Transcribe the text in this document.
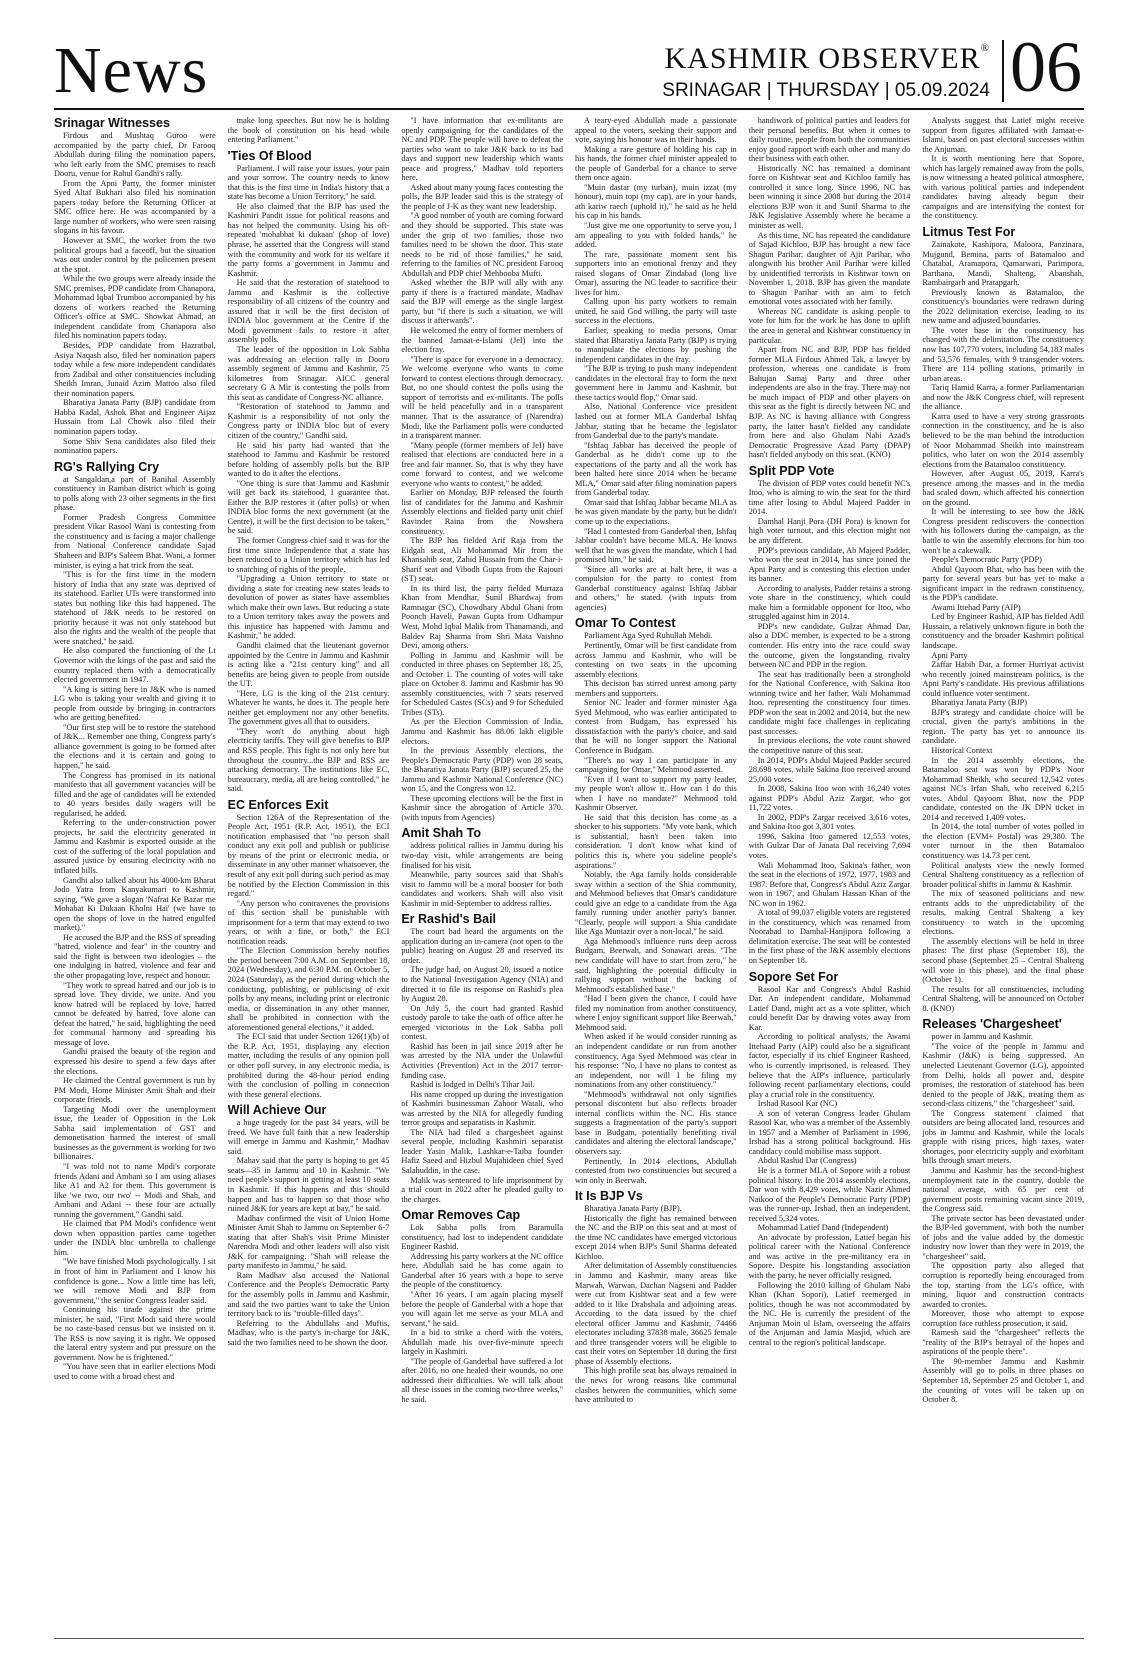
News	KASHMIR OBSERVER®
SRINAGAR | THURSDAY | 05.09.2024 06
Srinagar Witnesses

Firdous and Mushtaq Guroo were accompanied by the party chief, Dr Farooq Abdullah during filing the nomination papers, who left early from the SMC premises to reach Dooru, venue for Rahul Gandhi's rally.

From the Apni Party, the former minister Syed Altaf Bukhari also filed his nomination papers today before the Returning Officer at SMC office here. He was accompanied by a large number of workers, who were seen raising slogans in his favour.

However at SMC, the worker from the two political groups had a faceoff, but the situation was out under control by the policemen present at the spot.

While the two groups were already inside the SMC premises, PDP candidate from Chanapora, Mohammad Iqbal Trumboo accompanied by his dozens of workers reached the Returning Officer's office at SMC. Showkat Ahmad, an independent candidate from Chanapora also filed his nomination papers today.

Besides, PDP candidate from Hazratbal, Asiya Naqash also, filed her nomination papers today while a few more independent candidates from Zadibal and other constituencies including Sheikh Imran, Junaid Azim Mattoo also filed their nomination papers.

Bharatiya Janata Party (BJP) candidate from Habba Kadal, Ashok Bhat and Engineer Aijaz Hussain from Lal Chowk also filed their nomination papers today.

Some Shiv Sena candidates also filed their nomination papers.

RG's Rallying Cry

at Sangaldan,a part of Banihal Assembly constituency in Ramban district which is going to polls along with 23 other segments in the first phase.

Former Pradesh Congress Committee president Vikar Rasool Wani is contesting from the constituency and is facing a major challenge from National Conference candidate Sajad Shaheen and BJP's Saleem Bhat. Wani, a former minister, is eying a hat trick from the seat.

"This is for the first time in the modern history of India that any state was deprived of its statehood. Earlier UTs were transformed into states but nothing like this had happened. The statehood of J&K needs to be restored on priority because it was not only statehood but also the rights and the wealth of the people that were snatched," he said.

He also compared the functioning of the Lt Governor with the kings of the past and said the country replaced them with a democratically elected government in 1947.

"A king is sitting here in J&K who is named LG who is taking your wealth and giving it to people from outside by bringing in contractors who are getting benefited.

"Our first step will be to restore the statehood of J&K... Remember one thing, Congress party's alliance government is going to be formed after the elections and it is certain and going to happen," he said.

The Congress has promised in its national manifesto that all government vacancies will be filled and the age of candidates will be extended to 40 years besides daily wagers will be regularised, he added.

Referring to the under-construction power projects, he said the electricity generated in Jammu and Kashmir is exported outside at the cost of the suffering of the local population and assured justice by ensuring electricity with no inflated bills.

Gandhi also talked about his 4000-km Bharat Jodo Yatra from Kanyakumari to Kashmir, saying, "We gave a slogan 'Nafrat Ke Bazar me Mohabat Ki Dukaan Kholni Hai' (we have to open the shops of love in the hatred engulfed market)."

He accused the BJP and the RSS of spreading "hatred, violence and fear" in the country and said the fight is between two ideologies – the one indulging in hatred, violence and fear and the other propagating love, respect and honour.

"They work to spread hatred and our job is to spread love. They divide, we unite. And you know hatred will be replaced by love, hatred cannot be defeated by hatred, love alone can defeat the hatred," he said, highlighting the need for communal harmony and spreading his message of love.

Gandhi praised the beauty of the region and expressed his desire to spend a few days after the elections.

He claimed the Central government is run by PM Modi, Home Minister Amit Shah and their corporate friends.

Targeting Modi over the unemployment issue, the Leader of Opposition in the Lok Sabha said implementation of GST and demonetisation harmed the interest of small businesses as the government is working for two billionaires.

"I was told not to name Modi's corporate friends Adani and Ambani so I am using aliases like A1 and A2 for them. This government is like 'we two, our two' -- Modi and Shah, and Ambani and Adani -- these four are actually running the government," Gandhi said.

He claimed that PM Modi's confidence went down when opposition parties came together under the INDIA bloc umbrella to challenge him.

"We have finished Modi psychologically. I sit in front of him in Parliament and I know his confidence is gone... Now a little time has left, we will remove Modi and BJP from government," the senior Congress leader said.

Continuing his tirade against the prime minister, he said, "First Modi said there would be no caste-based census but we insisted on it. The RSS is now saying it is right. We opposed the lateral entry system and put pressure on the government. Now he is frightened."

"You have seen that in earlier elections Modi used to come with a broad chest and

make long speeches. But now he is holding the book of constitution on his head while entering Parliament."

'Ties Of Blood

Parliament. I will raise your issues, your pain and your sorrow. The country needs to know that this is the first time in India's history that a state has become a Union Territory," he said.

He also claimed that the BJP has used the Kashmiri Pandit issue for political reasons and has not helped the community. Using his oft-repeated 'mohabbat ki dukaan' (shop of love) phrase, he asserted that the Congress will stand with the community and work for its welfare if the party forms a government in Jammu and Kashmir.

He said that the restoration of statehood to Jammu and Kashmir is the collective responsibility of all citizens of the country and assured that it will be the first decision of INDIA bloc government at the Centre if the Modi government fails to restore it after assembly polls.

The leader of the opposition in Lok Sabha was addressing an election rally in Dooru assembly segment of Jammu and Kashmir, 75 kilometres from Srinagar. AICC general secretary G A Mir is contesting the polls from this seat as candidate of Congress-NC alliance.

"Restoration of statehood to Jammu and Kashmir is a responsibility of not only the Congress party or INDIA bloc but of every citizen of the country," Gandhi said.

He said his party had wanted that the statehood to Jammu and Kashmir be restored before holding of assembly polls but the BJP wanted to do it after the elections.

"One thing is sure that Jammu and Kashmir will get back its statehood, I guarantee that. Either the BJP restores it (after polls) or when INDIA bloc forms the next government (at the Centre), it will be the first decision to be taken," he said.

The former Congress chief said it was for the first time since Independence that a state has been reduced to a Union territory which has led to snatching of rights of the people.

"Upgrading a Union territory to state or dividing a state for creating new states leads to devolution of power as states have assemblies which make their own laws. But reducing a state to a Union territory takes away the powers and this injustice has happened with Jammu and Kashmir," he added.

Gandhi claimed that the lieutenant governor appointed by the Centre in Jammu and Kashmir is acting like a "21st century king" and all benefits are being given to people from outside the UT.

"Here, LG is the king of the 21st century. Whatever he wants, he does it. The people here neither get employment nor any other benefits. The government gives all that to outsiders.

"They won't do anything about high electricity tariffs. They will give benefits to BJP and RSS people. This fight is not only here but throughout the country...the BJP and RSS are attacking democracy. The institutions like EC, bureaucracy, media, all are being controlled," he said.

EC Enforces Exit

Section 126A of the Representation of the People Act, 1951 (R.P. Act, 1951), the ECI notification emphasised that "no person shall conduct any exit poll and publish or publicise by means of the print or electronic media, or disseminate in any other manner whatsoever, the result of any exit poll during such period as may be notified by the Election Commission in this regard."

"Any person who contravenes the provisions of this section shall be punishable with imprisonment for a term that may extend to two years, or with a fine, or both," the ECI notification reads.

"The Election Commission hereby notifies the period between 7:00 A.M. on September 18, 2024 (Wednesday), and 6:30 P.M. on October 5, 2024 (Saturday), as the period during which the conducting, publishing, or publicising of exit polls by any means, including print or electronic media, or dissemination in any other manner, shall be prohibited in connection with the aforementioned general elections," it added.

The ECI said that under Section 126(1)(b) of the R.P. Act, 1951, displaying any election matter, including the results of any opinion poll or other poll survey, in any electronic media, is prohibited during the 48-hour period ending with the conclusion of polling in connection with these general elections.

Will Achieve Our

a huge tragedy for the past 34 years, will be freed. We have full faith that a new leadership will emerge in Jammu and Kashmir," Madhav said.

Mahav said that the party is hoping to get 45 seats—35 in Jammu and 10 in Kashmir. "We need people's support in getting at least 10 seats in Kashmir. If this happens and this should happen and has to happen so that those who ruined J&K for years are kept at bay," he said.

Madhav confirmed the visit of Union Home Minister Amit Shah to Jammu on September 6-7 stating that after Shah's visit Prime Minister Narendra Modi and other leaders will also visit J&K for campaigning. "Shah will release the party manifesto in Jammu," he said.

Ram Madhav also accused the National Conference and the People's Democratic Party for the assembly polls in Jammu and Kashmir, and said the two parties want to take the Union territory back to its "trouble-filled days".

Referring to the Abdullahs and Muftis, Madhav, who is the party's in-charge for J&K, said the two families need to be shown the door.

"I have information that ex-militants are openly campaigning for the candidates of the NC and PDP. The people will have to defeat the parties who want to take J&K back to its bad days and support new leadership which wants peace and progress," Madhav told reporters here.

Asked about many young faces contesting the polls, the BJP leader said this is the strategy of the people of J-K as they want new leadership.

"A good number of youth are coming forward and they should be supported. This state was under the grip of two families, those two families need to be shown the door. This state needs to be rid of those families," he said, referring to the families of NC president Farooq Abdullah and PDP chief Mehbooba Mufti.

Asked whether the BJP will ally with any party if there is a fractured mandate, Madhav said the BJP will emerge as the single largest party, but "if there is such a situation, we will discuss it afterwards".

He welcomed the entry of former members of the banned Jamaat-e-Islami (JeI) into the election fray.

"There is space for everyone in a democracy. We welcome everyone who wants to come forward to contest elections through democracy. But, no one should contest the polls using the support of terrorists and ex-militants. The polls will be held peacefully and in a transparent manner. That is the assurance of (Narendra) Modi, like the Parliament polls were conducted in a transparent manner.

"Many people (former members of JeI) have realised that elections are conducted here in a free and fair manner. So, that is why they have come forward to contest, and we welcome everyone who wants to contest," he added.

Earlier on Monday, BJP released the fourth list of candidates for the Jammu and Kashmir Assembly elections and fielded party unit chief Ravinder Raina from the Nowshera constituency.

The BJP has fielded Arif Raja from the Eidgah seat, Ali Mohammad Mir from the Khansahib seat, Zahid Hussain from the Char-i-Sharif seat and Vibodh Gupta from the Rajouri (ST) seat.

In its third list, the party fielded Murtaza Khan from Mendhar, Sunil Bhardwaj from Ramnagar (SC), Chowdhary Abdul Ghani from Poonch Haveli, Pawan Gupta from Udhampur West, Mohd Iqbal Malik from Thanamandi, and Baldev Raj Sharma from Shri Mata Vaishno Devi, among others.

Polling in Jammu and Kashmir will be conducted in three phases on September 18, 25, and October 1. The counting of votes will take place on October 8. Jammu and Kashmir has 90 assembly constituencies, with 7 seats reserved for Scheduled Castes (SCs) and 9 for Scheduled Tribes (STs).

As per the Election Commission of India, Jammu and Kashmir has 88.06 lakh eligible electors.

In the previous Assembly elections, the People's Democratic Party (PDP) won 28 seats, the Bharatiya Janata Party (BJP) secured 25, the Jammu and Kashmir National Conference (NC) won 15, and the Congress won 12.

These upcoming elections will be the first in Kashmir since the abrogation of Article 370. (with inputs from Agencies)

Amit Shah To

address political rallies in Jammu during his two-day visit, while arrangements are being finalised for his visit.

Meanwhile, party sources said that Shah's visit to Jammu will be a moral booster for both candidates and workers. Shah will also visit Kashmir in mid-September to address rallies.

Er Rashid's Bail

The court had heard the arguments on the application during an in-camera (not open to the public) hearing on August 28 and reserved its order.

The judge had, on August 20, issued a notice to the National Investigation Agency (NIA) and directed it to file its response on Rashid's plea by August 28.

On July 5, the court had granted Rashid custody parole to take the oath of office after he emerged victorious in the Lok Sabha poll contest.

Rashid has been in jail since 2019 after he was arrested by the NIA under the Unlawful Activities (Prevention) Act in the 2017 terror-funding case.

Rashid is lodged in Delhi's Tihar Jail.

His name cropped up during the investigation of Kashmiri businessman Zahoor Watali, who was arrested by the NIA for allegedly funding terror groups and separatists in Kashmir.

The NIA had filed a chargesheet against several people, including Kashmiri separatist leader Yasin Malik, Lashkar-e-Taiba founder Hafiz Saeed and Hizbul Mujahideen chief Syed Salahuddin, in the case.

Malik was sentenced to life imprisonment by a trial court in 2022 after he pleaded guilty to the charges.

Omar Removes Cap

Lok Sabha polls from Baramulla constituency, had lost to independent candidate Engineer Rashid.

Addressing his party workers at the NC office here, Abdullah said he has come again to Ganderbal after 16 years with a hope to serve the people of the constituency.

"After 16 years, I am again placing myself before the people of Ganderbal with a hope that you will again let me serve as your MLA and servant," he said.

In a bid to strike a chord with the voters, Abdullah made his over-five-minute speech largely in Kashmiri.

"The people of Ganderbal have suffered a lot after 2016, no one healed their wounds, no one addressed their difficulties. We will talk about all these issues in the coming two-three weeks," he said.

A teary-eyed Abdullah made a passionate appeal to the voters, seeking their support and vote, saying his honour was in their hands.

Making a rare gesture of holding his cap in his hands, the former chief minister appealed to the people of Ganderbal for a chance to serve them once again.

"Muin dastar (my turban), muin izzat (my honour), muin topi (my cap), are in your hands, ath kariw raech (uphold it)," he said as he held his cap in his hands.

"Just give me one opportunity to serve you, I am appealing to you with folded hands," he added.

The rare, passionate moment sent his supporters into an emotional frenzy and they raised slogans of Omar Zindabad (long live Omar), assuring the NC leader to sacrifice their lives for him.

Calling upon his party workers to remain united, he said God willing, the party will taste success in the elections.

Earlier, speaking to media persons, Omar stated that Bharatiya Janata Party (BJP) is trying to manipulate the elections by pushing the independent candidates in the fray.

"The BJP is trying to push many independent candidates in the electoral fray to form the next government here in Jammu and Kashmir, but these tactics would flop," Omar said.

Also, National Conference vice president lashed out at former MLA Ganderbal Ishfaq Jabbar, stating that he became the legislator from Ganderbal due to the party's mandate.

"Ishfaq Jabbar has deceived the people of Ganderbal as he didn't come up to the expectations of the party and all the work has been halted here since 2014 when he became MLA," Omar said after filing nomination papers from Ganderbal today.

Omar said that Ishfaq Jabbar became MLA as he was given mandate by the party, but he didn't come up to the expectations.

"Had I contested from Ganderbal then, Ishfaq Jabbar couldn't have become MLA. He knows well that he was given the mandate, which I had promised him," he said.

"Since all works are at halt here, it was a compulsion for the party to contest from Ganderbal constituency against Ishfaq Jabbar and others," he stated. (with inputs from agencies)

Omar To Contest

Parliament Aga Syed Ruhullah Mehdi.

Pertinently, Omar will be first candidate from across Jammu and Kashmir, who will be contesting on two seats in the upcoming assembly elections

This decision has stirred unrest among party members and supporters.

Senior NC leader and former minister Aga Syed Mehmood, who was earlier anticipated to contest from Budgam, has expressed his dissatisfaction with the party's choice, and said that he will no longer support the National Conference in Budgam.

"There's no way I can participate in any campaigning for Omar," Mehmood asserted.

"Even if I want to support my party leader, my people won't allow it. How can I do this when I have no mandate?" Mehmood told Kashmir Observer.

He said that this decision has come as a shocker to his supporters. "My vote bank, which is substantial, hasn't been taken into consideration. 'I don't know what kind of politics this is, where you sideline people's aspirations."

Notably, the Aga family holds considerable sway within a section of the Shia community, and Mehmood believes that Omar's candidature could give an edge to a candidate from the Aga family running under another party's banner. "Clearly, people will support a Shia candidate like Aga Muntazir over a non-local," he said.

Aga Mehmood's influence runs deep across Budgam, Beerwah, and Sonawari areas. "The new candidate will have to start from zero," he said, highlighting the potential difficulty in rallying support without the backing of Mehmood's established base."

"Had I been given the chance, I could have filed my nomination from another constituency, where I enjoy significant support like Beerwah," Mehmood said.

When asked if he would consider running as an independent candidate or run from another constituency, Aga Syed Mehmood was clear in his response: "No, I have no plans to contest as an independent, nor will I be filing my nominations from any other constituency."

"Mehmood's withdrawal not only signifies personal discontent but also reflects broader internal conflicts within the NC. His stance suggests a fragmentation of the party's support base in Budgam, potentially benefiting rival candidates and altering the electoral landscape," observers say.

Pertinently, In 2014 elections, Abdullah contested from two constituencies but secured a win only in Beerwah.

It Is BJP Vs

Bharatiya Janata Party (BJP).

Historically the fight has remained between the NC and the BJP on this seat and at most of the time NC candidates have emerged victorious except 2014 when BJP's Sunil Sharma defeated Kichloo.

After delimitation of Assembly constituencies in Jammu and Kashmir, many areas like Marwah, Warwan, Dachan Nagseni and Padder were cut from Kishtwar seat and a few were added to it like Drabshala and adjoining areas. According to the data issued by the chief electoral officer Jammu and Kashmir, 74466 electorates including 37838 male, 36625 female and three transgender voters will be eligible to cast their votes on September 18 during the first phase of Assembly elections.

This high profile seat has always remained in the news for wrong reasons like communal clashes between the communities, which some have attributed to

handiwork of political parties and leaders for their personal benefits. But when it comes to daily routine, people from both the communities enjoy good rapport with each other and many do their business with each other.

Historically NC has remained a dominant force on Kishtwar seat and Kichloo family has controlled it since long. Since 1996, NC has been winning it since 2008 but during the 2014 elections BJP won it and Sunil Sharma to the J&K legislative Assembly where he became a minister as well.

As this time, NC has repeated the candidature of Sajad Kichloo, BJP has brought a new face Shagun Parihar, daughter of Ajit Parihar, who alongwith his brother Anil Parihar were killed by unidentified terrorists in Kishtwar town on November 1, 2018. BJP has given the mandate to Shagun Parihar with an aim to fetch emotional votes associated with her family.

Whereas NC candidate is asking people to vote for him for the work he has done to uplift the area in general and Kishtwar constituency in particular.

Apart from NC and BJP, PDP has fielded former MLA Firdous Ahmed Tak, a lawyer by profession, whereas one candidate is from Bahujan Samaj Party and three other independents are also in the fray. There may not be much impact of PDP and other players on this seat as the fight is directly between NC and BJP. As NC is having alliance with Congress party, the latter hasn't fielded any candidate from here and also Ghulam Nabi Azad's Democratic Progressive Azad Party (DPAP) hasn't fielded anybody on this seat. (KNO)

Split PDP Vote

The division of PDP votes could benefit NC's Itoo, who is aiming to win the seat for the third time after losing to Abdul Majeed Padder in 2014.

Damhal Hanji Pora (DH Pora) is known for high voter turnout, and this election might not be any different.

PDP's previous candidate, Ab Majeed Padder, who won the seat in 2014, has since joined the Apni Party and is contesting this election under its banner.

According to analysts, Padder retains a strong vote share in the constituency, which could make him a formidable opponent for Itoo, who struggled against him in 2014.

PDP's new candidate, Gulzar Ahmad Dar, also a DDC member, is expected to be a strong contender. His entry into the race could sway the outcome, given the longstanding rivalry between NC and PDP in the region.

The seat has traditionally been a stronghold for the National Conference, with Sakina Itoo winning twice and her father, Wali Mohammad Itoo, representing the constituency four times. PDP won the seat in 2002 and 2014, but the new candidate might face challenges in replicating past successes.

In previous elections, the vote count showed the competitive nature of this seat.

In 2014, PDP's Abdul Majeed Padder secured 28,698 votes, while Sakina Itoo received around 25,000 votes.

In 2008, Sakina Itoo won with 16,240 votes against PDP's Abdul Aziz Zargar, who got 11,722 votes.

In 2002, PDP's Zargar received 3,616 votes, and Sakina Itoo got 3,301 votes.

1996, Sakina Itoo garnered 12,553 votes, with Gulzar Dar of Janata Dal receiving 7,694 votes.

Wali Mohammad Itoo, Sakina's father, won the seat in the elections of 1972, 1977, 1983 and 1987. Before that, Congress's Abdul Aziz Zargar won in 1967, and Ghulam Hassan Khan of the NC won in 1962.

A total of 99,037 eligible voters are registered in the constituency, which was renamed from Noorabad to Damhal-Hanjipora following a delimitation exercise. The seat will be contested in the first phase of the J&K assembly elections on September 18.

Sopore Set For

Rasool Kar and Congress's Abdul Rashid Dar. An independent candidate, Mohammad Latief Dand, might act as a vote splitter, which could benefit Dar by drawing votes away from Kar.

According to political analysts, the Awami Ittehaad Party (AIP) could also be a significant factor, especially if its chief Engineer Rasheed, who is currently imprisoned, is released. They believe that the AIP's influence, particularly following recent parliamentary elections, could play a crucial role in the constituency.

Irshad Rasool Kar (NC)

A son of veteran Congress leader Ghulam Rasool Kar, who was a member of the Assembly in 1957 and a Member of Parliament in 1996, Irshad has a strong political background. His candidacy could mobilise mass support.

Abdul Rashid Dar (Congress)

He is a former MLA of Sopore with a robust political history. In the 2014 assembly elections, Dar won with 8,429 votes, while Nazir Ahmed Naikoo of the People's Democratic Party (PDP) was the runner-up. Irshad, then an independent, received 5,324 votes.

Mohammad Latief Dand (Independent)

An advocate by profession, Latief began his political career with the National Conference and was active in the pre-militancy era in Sopore. Despite his longstanding association with the party, he never officially resigned.

Following the 2010 killing of Ghulam Nabi Khan (Khan Sopori), Latief reemerged in politics, though he was not accommodated by the NC. He is currently the president of the Anjuman Moin ul Islam, overseeing the affairs of the Anjuman and Jamia Masjid, which are central to the region's political landscape.

Analysts suggest that Latief might receive support from figures affiliated with Jamaat-e-Islami, based on past electoral successes within the Anjuman.

It is worth mentioning here that Sopore, which has largely remained away from the polls, is now witnessing a heated political atmosphere, with various political parties and independent candidates having already begun their campaigns and are intensifying the contest for the constituency.

Litmus Test For

Zainakote, Kashipora, Maloora, Panzinara, Mujgund, Bemina, parts of Batamaloo and Chatabal, Aramapora, Qamarwari, Parimpora, Barthana, Mandi, Shalteng, Abanshah, Rambairgarh and Pratapgarh.

Previously known as Batamaloo, the constituency's boundaries were redrawn during the 2022 delimitation exercise, leading to its new name and adjusted boundaries.

The voter base in the constituency has changed with the delimitation. The constituency now has 107,770 voters, including 54,183 males and 53,576 females, with 9 transgender voters. There are 114 polling stations, primarily in urban areas.

Tariq Hamid Karra, a former Parliamentarian and now the J&K Congress chief, will represent the alliance.

Karra used to have a very strong grassroots connection in the constituency, and he is also believed to be the man behind the introduction of Noor Mohammad Sheikh into mainstream politics, who later on won the 2014 assembly elections from the Batamaloo constituency.

However, after August 05, 2019, Karra's presence among the masses and in the media had scaled down, which affected his connection on the ground.

It will be interesting to see how the J&K Congress president rediscovers the connection with his followers during the campaign, as the battle to win the assembly elections for him too won't be a cakewalk.

People's Democratic Party (PDP)

Abdul Qayoom Bhat, who has been with the party for several years but has yet to make a significant impact in the redrawn constituency, is the PDP's candidate.

Awami Ittehad Party (AIP)

Led by Engineer Rashid, AIP has fielded Adil Hussain, a relatively unknown figure in both the constituency and the broader Kashmiri political landscape.

Apni Party

Zaffar Habib Dar, a former Hurriyat activist who recently joined mainstream politics, is the Apni Party's candidate. His previous affiliations could influence voter sentiment.

Bharatiya Janata Party (BJP)

BJP's strategy and candidate choice will be crucial, given the party's ambitions in the region. The party has yet to announce its candidate.

Historical Context

In the 2014 assembly elections, the Batamaloo seat was won by PDP's Noor Mohammad Sheikh, who secured 12,542 votes against NC's Irfan Shah, who received 6,215 votes. Abdul Qayoom Bhat, now the PDP candidate, contested on the JK DPN ticket in 2014 and received 1,409 votes.

In 2014, the total number of votes polled in the election (EVM+ Postal) was 29,380. The voter turnout in the then Batamaloo constituency was 14.73 per cent.

Political analysts view the newly formed Central Shalteng constituency as a reflection of broader political shifts in Jammu & Kashmir.

The mix of seasoned politicians and new entrants adds to the unpredictability of the results, making Central Shalteng a key constituency to watch in the upcoming elections.

The assembly elections will be held in three phases: The first phase (September 18), the second phase (September 25 – Central Shalteng will vote in this phase), and the final phase (October 1).

The results for all constituencies, including Central Shalteng, will be announced on October 8. (KNO)

Releases 'Chargesheet'

power in Jammu and Kashmir.

"The voice of the people in Jammu and Kashmir (J&K) is being suppressed. An unelected Lieutenant Governor (LG), appointed from Delhi, holds all power and, despite promises, the restoration of statehood has been denied to the people of J&K, treating them as second-class citizens," the "chargesheet" said.

The Congress statement claimed that outsiders are being allocated land, resources and jobs in Jammu and Kashmir, while the locals grapple with rising prices, high taxes, water shortages, poor electricity supply and exorbitant bills through smart meters.

Jammu and Kashmir has the second-highest unemployment rate in the country, double the national average, with 65 per cent of government posts remaining vacant since 2019, the Congress said.

The private sector has been devastated under the BJP-led government, with both the number of jobs and the value added by the domestic industry now lower than they were in 2019, the "chargesheet" said.

The opposition party also alleged that corruption is reportedly being encouraged from the top, starting from the LG's office, with mining, liquor and construction contracts awarded to cronies.

Moreover, those who attempt to expose corruption face ruthless prosecution, it said.

Ramesh said the "chargesheet" reflects the "reality of the BJP's betrayal of the hopes and aspirations of the people there".

The 90-member Jammu and Kashmir Assembly will go to polls in three phases on September 18, September 25 and October 1, and the counting of votes will be taken up on October 8.
